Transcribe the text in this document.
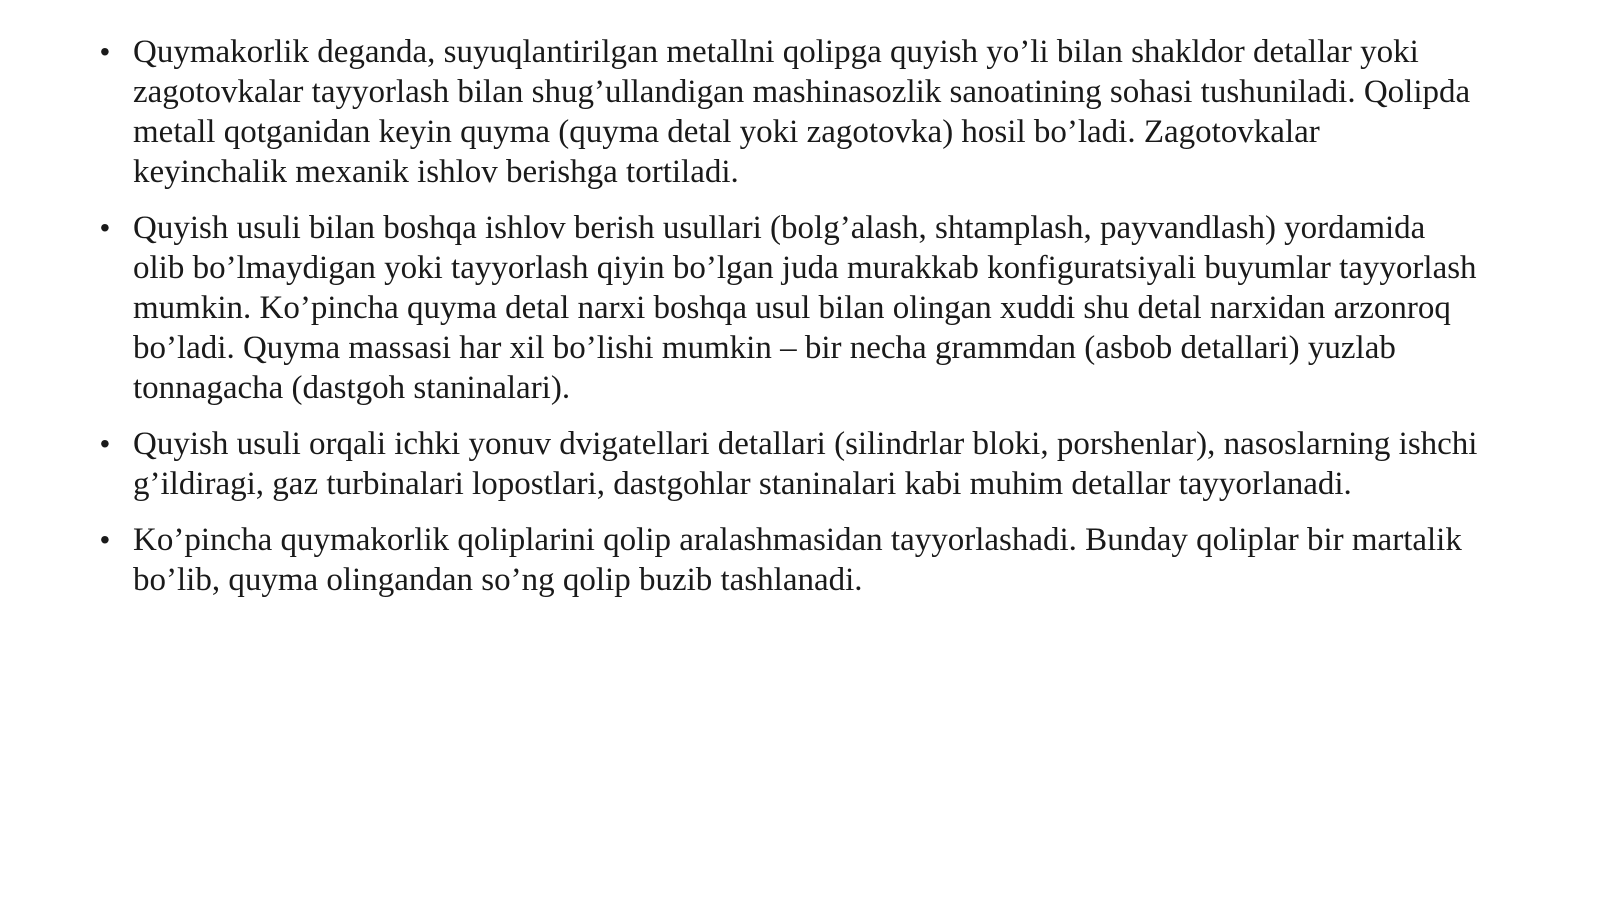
• Quymakorlik deganda, suyuqlantirilgan metallni qolipga quyish yo’li bilan shakldor detallar yoki zagotovkalar tayyorlash bilan shug’ullandigan mashinasozlik sanoatining sohasi tushuniladi. Qolipda metall qotganidan keyin quyma (quyma detal yoki zagotovka) hosil bo’ladi. Zagotovkalar keyinchalik mexanik ishlov berishga tortiladi.
• Quyish usuli bilan boshqa ishlov berish usullari (bolg’alash, shtamplash, payvandlash) yordamida olib bo’lmaydigan yoki tayyorlash qiyin bo’lgan juda murakkab konfiguratsiyali buyumlar tayyorlash mumkin. Ko’pincha quyma detal narxi boshqa usul bilan olingan xuddi shu detal narxidan arzonroq bo’ladi. Quyma massasi har xil bo’lishi mumkin – bir necha grammdan (asbob detallari) yuzlab tonnagacha (dastgoh staninalari).
• Quyish usuli orqali ichki yonuv dvigatellari detallari (silindrlar bloki, porshenlar), nasoslarning ishchi g’ildiragi, gaz turbinalari lopostlari, dastgohlar staninalari kabi muhim detallar tayyorlanadi.
• Ko’pincha quymakorlik qoliplarini qolip aralashmasidan tayyorlashadi. Bunday qoliplar bir martalik bo’lib, quyma olingandan so’ng qolip buzib tashlanadi.
